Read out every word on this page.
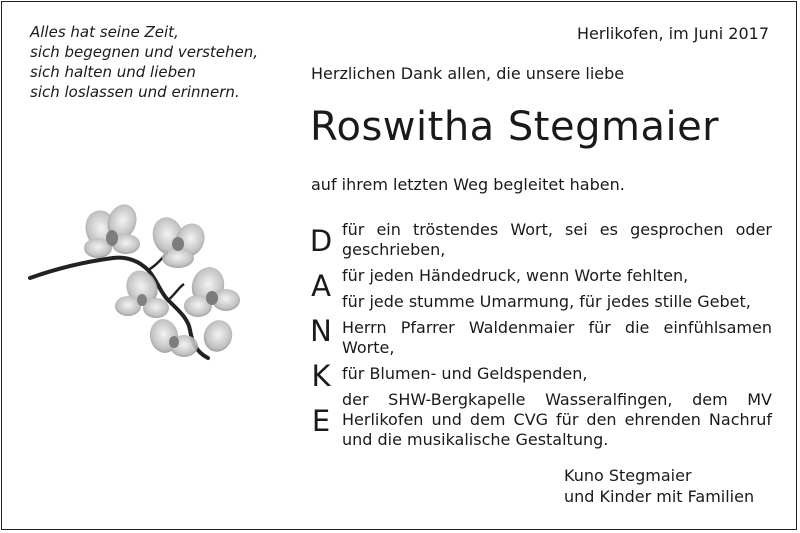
Alles hat seine Zeit,
sich begegnen und verstehen,
sich halten und lieben
sich loslassen und erinnern.
Herlikofen, im Juni 2017
Herzlichen Dank allen, die unsere liebe
Roswitha Stegmaier
auf ihrem letzten Weg begleitet haben.
D
A
N
K
E
für ein tröstendes Wort, sei es gesprochen oder geschrieben,
für jeden Händedruck, wenn Worte fehlten,
für jede stumme Umarmung, für jedes stille Gebet,
Herrn Pfarrer Waldenmaier für die einfühlsamen Worte,
für Blumen- und Geldspenden,
der SHW-Bergkapelle Wasseralfingen, dem MV Herlikofen und dem CVG für den ehrenden Nachruf und die musikalische Gestaltung.
Kuno Stegmaier
und Kinder mit Familien
